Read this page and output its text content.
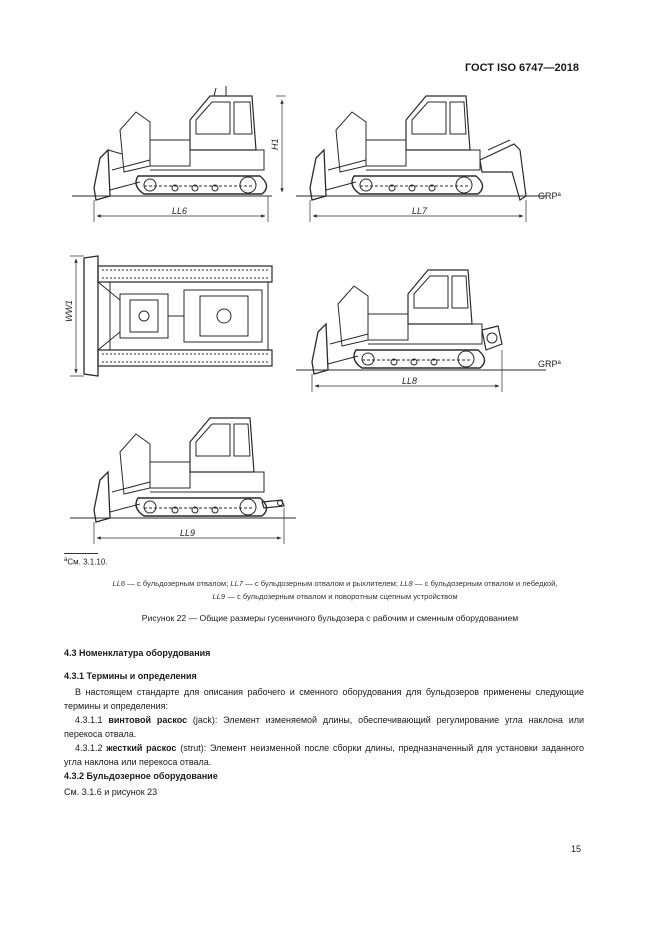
ГОСТ ISO 6747—2018
H1
LL6	LL7
GRP$^a$
WW1
LL8
GRP$^a$
LL9
$^a$См. 3.1.10.
LL6 — с бульдозерным отвалом; LL7 — с бульдозерным отвалом и рыхлителем; LL8 — с бульдозерным отвалом и лебедкой,
LL9 — с бульдозерным отвалом и поворотным сцепным устройством
Рисунок 22 — Общие размеры гусеничного бульдозера с рабочим и сменным оборудованием
4.3 Номенклатура оборудования
4.3.1 Термины и определения
В настоящем стандарте для описания рабочего и сменного оборудования для бульдозеров применены следующие термины и определения:
4.3.1.1 винтовой раскос (jack): Элемент изменяемой длины, обеспечивающий регулирование угла наклона или перекоса отвала.
4.3.1.2 жесткий раскос (strut): Элемент неизменной после сборки длины, предназначенный для установки заданного угла наклона или перекоса отвала.
4.3.2 Бульдозерное оборудование
См. 3.1.6 и рисунок 23
15
